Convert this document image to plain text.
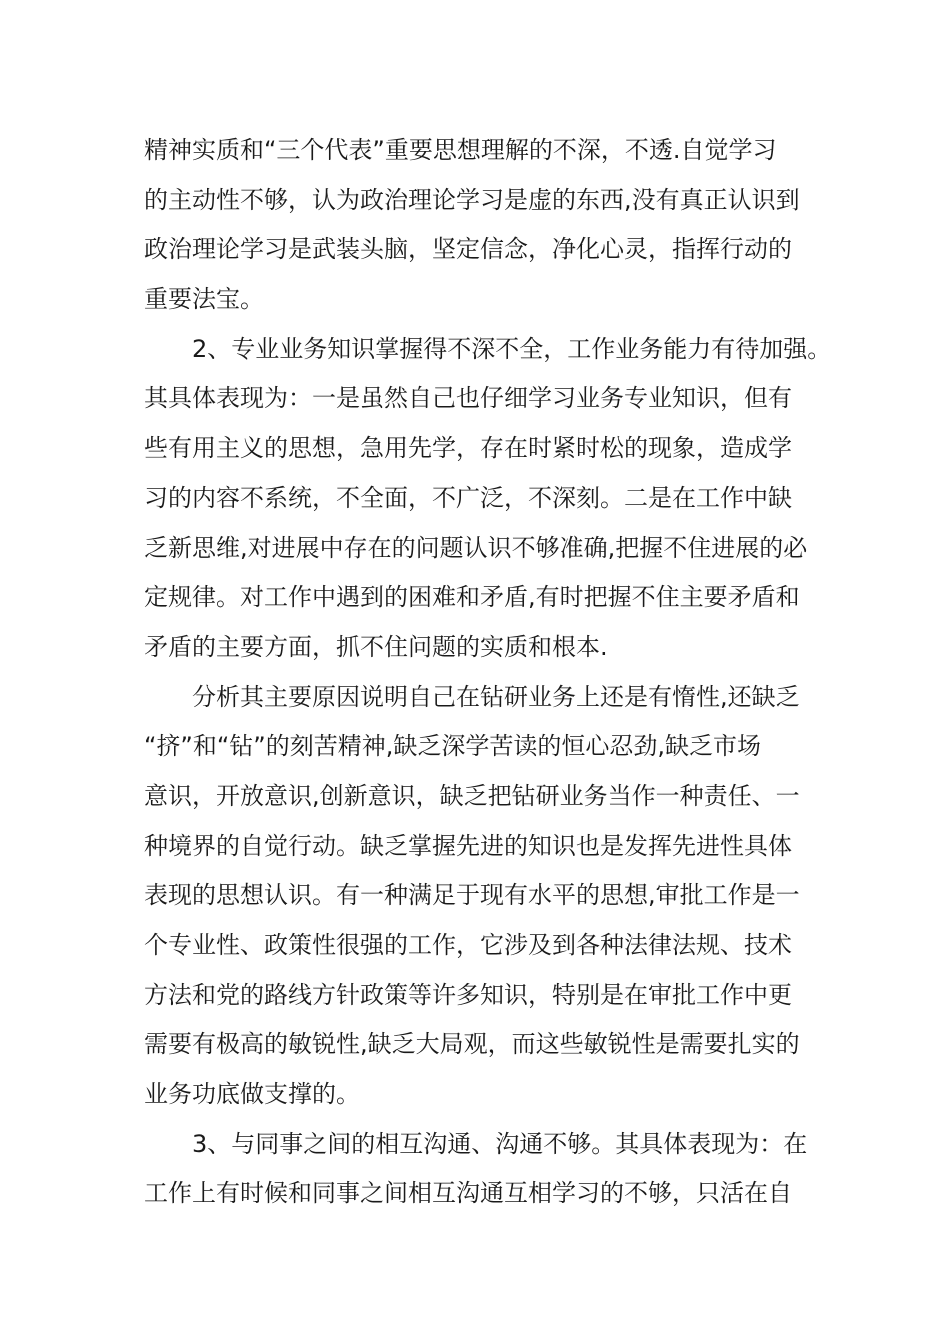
精神实质和“三个代表”重要思想理解的不深，不透.自觉学习
的主动性不够，认为政治理论学习是虚的东西,没有真正认识到
政治理论学习是武装头脑，坚定信念，净化心灵，指挥行动的
重要法宝。
2、专业业务知识掌握得不深不全，工作业务能力有待加强。
其具体表现为：一是虽然自己也仔细学习业务专业知识，但有
些有用主义的思想，急用先学，存在时紧时松的现象，造成学
习的内容不系统，不全面，不广泛，不深刻。二是在工作中缺
乏新思维,对进展中存在的问题认识不够准确,把握不住进展的必
定规律。对工作中遇到的困难和矛盾,有时把握不住主要矛盾和
矛盾的主要方面，抓不住问题的实质和根本.
分析其主要原因说明自己在钻研业务上还是有惰性,还缺乏
“挤”和“钻”的刻苦精神,缺乏深学苦读的恒心忍劲,缺乏市场
意识，开放意识,创新意识，缺乏把钻研业务当作一种责任、一
种境界的自觉行动。缺乏掌握先进的知识也是发挥先进性具体
表现的思想认识。有一种满足于现有水平的思想,审批工作是一
个专业性、政策性很强的工作，它涉及到各种法律法规、技术
方法和党的路线方针政策等许多知识，特别是在审批工作中更
需要有极高的敏锐性,缺乏大局观，而这些敏锐性是需要扎实的
业务功底做支撑的。
3、与同事之间的相互沟通、沟通不够。其具体表现为：在
工作上有时候和同事之间相互沟通互相学习的不够，只活在自
